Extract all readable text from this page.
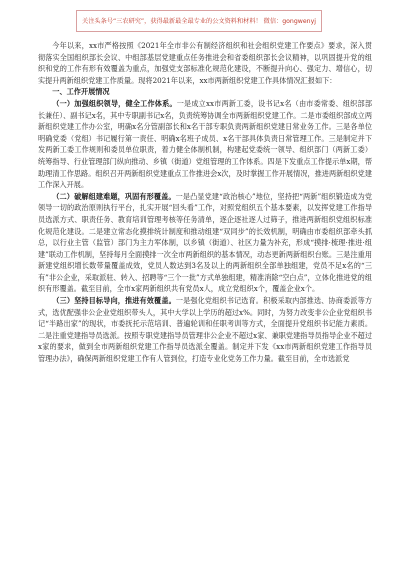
关注头条号“三农研究”，获得最新最全最专业的公文资料和材料！ 微信：gongwenyj

今年以来，xx市严格按照《2021年全市非公有制经济组织和社会组织党建工作要点》要求，深入贯彻落实全国组织部长会议、中组部基层党建重点任务推进会和省委组织部长会议精神，以巩固提升党的组织和党的工作有形有效覆盖为重点，加强党支部标准化规范化建设，不断提升向心、强定力、增信心，切实提升两新组织党建工作质量。现将2021年以来，xx市两新组织党建工作具体情况汇报如下：

一、工作开展情况

（一）加强组织领导，健全工作体系。一是成立xx市两新工委，设书记x名（由市委常委、组织部部长兼任）、副书记x名，其中专职副书记x名，负责统筹协调全市两新组织党建工作。二是市委组织部成立两新组织党建工作办公室，明确x名分管副部长和x名干部专职负责两新组织党建日常业务工作。三是各单位明确党委（党组）书记履行第一责任、明确x名班子成员、x名干部具体负责日常管理工作。三是制定并下发两新工委工作规则和委员单位职责，着力健全体制机制，构建起党委统一领导、组织部门（两新工委）统筹指导、行业管理部门纵向推动、乡镇（街道）党组管理的工作体系。四是下发重点工作提示单x期，帮助理清工作思路。组织召开两新组织党建重点工作推进会x次，及时掌握工作开展情况，推进两新组织党建工作深入开展。

（二）破解组建难题，巩固有形覆盖。一是凸显党建“政治核心”地位，坚持把“两新”组织锻造成为党领导一切的政治原则执行平台，扎实开展“回头看”工作，对照党组织五个基本要素，以发挥党建工作指导员选派方式、职责任务、教育培训管理考核等任务清单，逐企逐社逐人过筛子，推进两新组织党组织标准化规范化建设。二是建立常态化摸排统计制度和推动组建“双同步”的长效机制，明确由市委组织部牵头抓总，以行业主管（监管）部门为主力军体制，以乡镇（街道）、社区力量为补充，形成“摸排·梳理·推进·组建”联动工作机制，坚持每月全面摸排一次全市两新组织的基本情况，动态更新两新组织台账。三是注重用新建党组织增长数带量覆盖成效，党员人数达到3名及以上的两新组织全部单独组建，党员不足x名的“三有”非公企业，采取派驻、转入、招聘等“三个一批”方式单独组建，精准消除“空白点”，立体化推进党的组织有形覆盖。截至目前，全市x家两新组织共有党员x人，成立党组织x个，覆盖企业x个。

（三）坚持目标导向，推进有效覆盖。一是强化党组织书记选育。积极采取内部推选、协商委派等方式，选优配强非公企业党组织带头人，其中大学以上学历的超过x%。同时，为努力改变非公企业党组织书记“半路出家”的现状，市委抚托示范培训、普遍轮训和任职考训等方式，全面提升党组织书记能力素质。二是注重党建指导员选派。按照专职党建指导员管理非公企业不超过x家、兼职党建指导员指导企业不超过x家的要求，做到全市两新组织党建工作指导员选派全覆盖。制定并下发《xx市两新组织党建工作指导员管理办法》，确保两新组织党建工作有人管到位，打造专业化党务工作力量。截至目前，全市选派党
